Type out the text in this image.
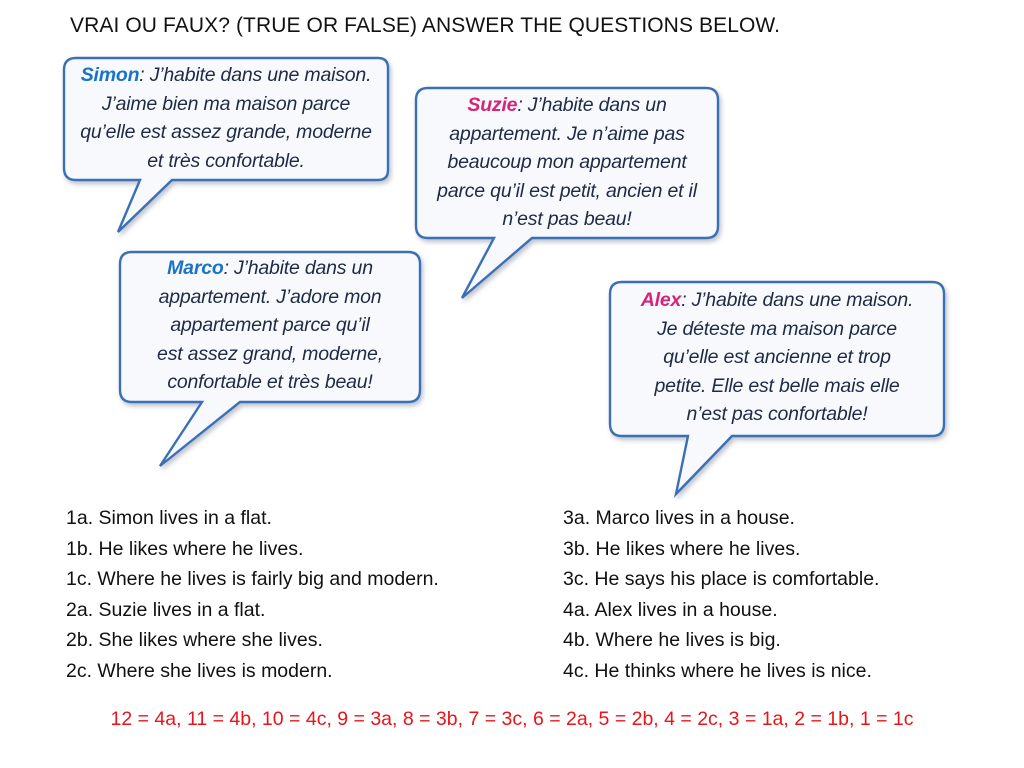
VRAI OU FAUX? (TRUE OR FALSE) ANSWER THE QUESTIONS BELOW.
Simon: J’habite dans une maison.
J’aime bien ma maison parce
qu’elle est assez grande, moderne
et très confortable.
Suzie: J’habite dans un
appartement. Je n’aime pas
beaucoup mon appartement
parce qu’il est petit, ancien et il
n’est pas beau!
Marco: J’habite dans un
appartement. J’adore mon
appartement parce qu’il
est assez grand, moderne,
confortable et très beau!
Alex: J’habite dans une maison.
Je déteste ma maison parce
qu’elle est ancienne et trop
petite. Elle est belle mais elle
n’est pas confortable!
1a. Simon lives in a flat.
1b. He likes where he lives.
1c. Where he lives is fairly big and modern.
2a. Suzie lives in a flat.
2b. She likes where she lives.
2c. Where she lives is modern.
3a. Marco lives in a house.
3b. He likes where he lives.
3c. He says his place is comfortable.
4a. Alex lives in a house.
4b. Where he lives is big.
4c. He thinks where he lives is nice.
12 = 4a, 11 = 4b, 10 = 4c, 9 = 3a, 8 = 3b, 7 = 3c, 6 = 2a, 5 = 2b, 4 = 2c, 3 = 1a, 2 = 1b, 1 = 1c
